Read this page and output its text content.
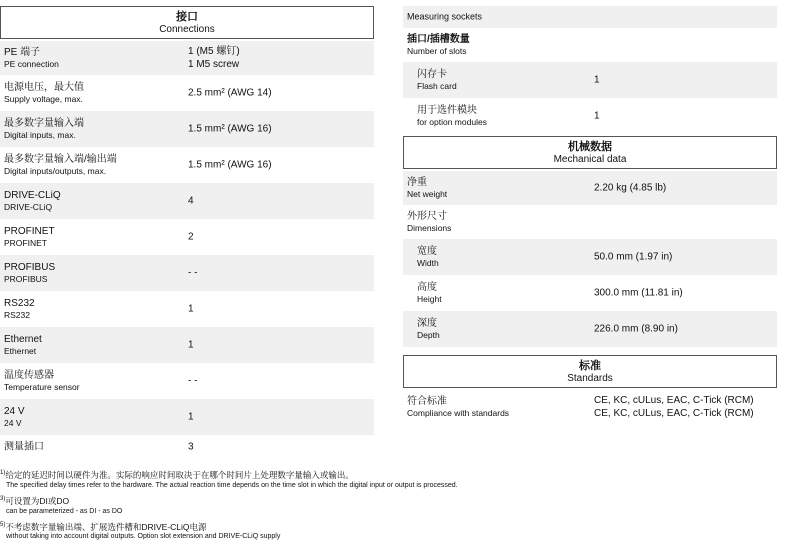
接口
Connections
PE 端子
PE connection
1 (M5 螺钉)
1 M5 screw
电源电压，最大值
Supply voltage, max.
2.5 mm² (AWG 14)
最多数字量输入端
Digital inputs, max.
1.5 mm² (AWG 16)
最多数字量输入端/输出端
Digital inputs/outputs, max.
1.5 mm² (AWG 16)
DRIVE-CLiQ
DRIVE-CLiQ
4
PROFINET
PROFINET
2
PROFIBUS
PROFIBUS
- -
RS232
RS232
1
Ethernet
Ethernet
1
温度传感器
Temperature sensor
- -
24 V
24 V
1
测量插口	3
Measuring sockets
插口/插槽数量
Number of slots
闪存卡
Flash card
1
用于选件模块
for option modules
1
机械数据
Mechanical data
净重
Net weight
2.20 kg (4.85 lb)
外形尺寸
Dimensions
宽度
Width
50.0 mm (1.97 in)
高度
Height
300.0 mm (11.81 in)
深度
Depth
226.0 mm (8.90 in)
标准
Standards
符合标准
Compliance with standards
CE, KC, cULus, EAC, C-Tick (RCM)
CE, KC, cULus, EAC, C-Tick (RCM)
$^{1)}$给定的延迟时间以硬件为准。实际的响应时间取决于在哪个时间片上处理数字量输入或输出。
The specified delay times refer to the hardware. The actual reaction time depends on the time slot in which the digital input or output is processed.
$^{3)}$可设置为DI或DO
can be parameterized - as DI - as DO
$^{5)}$不考虑数字量输出端、扩展选件槽和DRIVE-CLiQ电源
without taking into account digital outputs. Option slot extension and DRIVE-CLiQ supply
